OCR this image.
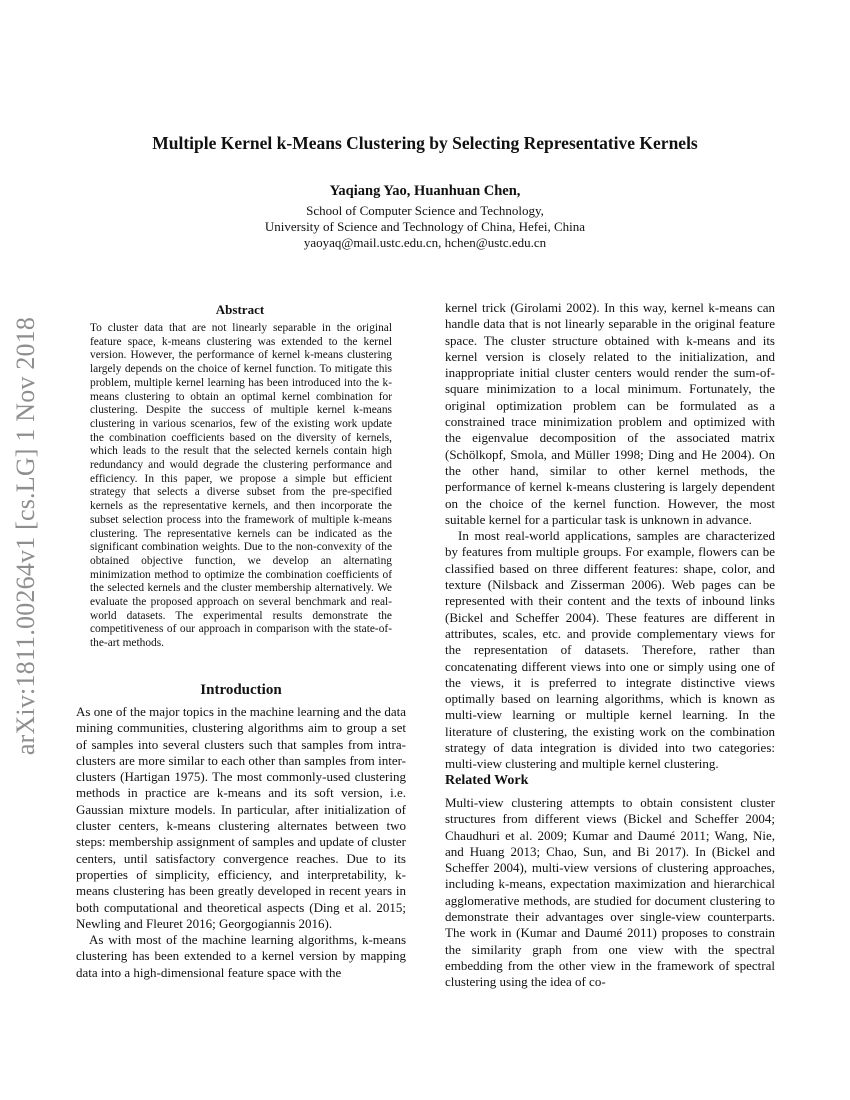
arXiv:1811.00264v1 [cs.LG] 1 Nov 2018
Multiple Kernel k-Means Clustering by Selecting Representative Kernels
Yaqiang Yao, Huanhuan Chen,
School of Computer Science and Technology,
University of Science and Technology of China, Hefei, China
yaoyaq@mail.ustc.edu.cn, hchen@ustc.edu.cn
Abstract

To cluster data that are not linearly separable in the original feature space, k-means clustering was extended to the kernel version. However, the performance of kernel k-means clustering largely depends on the choice of kernel function. To mitigate this problem, multiple kernel learning has been introduced into the k-means clustering to obtain an optimal kernel combination for clustering. Despite the success of multiple kernel k-means clustering in various scenarios, few of the existing work update the combination coefficients based on the diversity of kernels, which leads to the result that the selected kernels contain high redundancy and would degrade the clustering performance and efficiency. In this paper, we propose a simple but efficient strategy that selects a diverse subset from the pre-specified kernels as the representative kernels, and then incorporate the subset selection process into the framework of multiple k-means clustering. The representative kernels can be indicated as the significant combination weights. Due to the non-convexity of the obtained objective function, we develop an alternating minimization method to optimize the combination coefficients of the selected kernels and the cluster membership alternatively. We evaluate the proposed approach on several benchmark and real-world datasets. The experimental results demonstrate the competitiveness of our approach in comparison with the state-of-the-art methods.

Introduction

As one of the major topics in the machine learning and the data mining communities, clustering algorithms aim to group a set of samples into several clusters such that samples from intra-clusters are more similar to each other than samples from inter-clusters (Hartigan 1975). The most commonly-used clustering methods in practice are k-means and its soft version, i.e. Gaussian mixture models. In particular, after initialization of cluster centers, k-means clustering alternates between two steps: membership assignment of samples and update of cluster centers, until satisfactory convergence reaches. Due to its properties of simplicity, efficiency, and interpretability, k-means clustering has been greatly developed in recent years in both computational and theoretical aspects (Ding et al. 2015; Newling and Fleuret 2016; Georgogiannis 2016).

As with most of the machine learning algorithms, k-means clustering has been extended to a kernel version by mapping data into a high-dimensional feature space with the

kernel trick (Girolami 2002). In this way, kernel k-means can handle data that is not linearly separable in the original feature space. The cluster structure obtained with k-means and its kernel version is closely related to the initialization, and inappropriate initial cluster centers would render the sum-of-square minimization to a local minimum. Fortunately, the original optimization problem can be formulated as a constrained trace minimization problem and optimized with the eigenvalue decomposition of the associated matrix (Schölkopf, Smola, and Müller 1998; Ding and He 2004). On the other hand, similar to other kernel methods, the performance of kernel k-means clustering is largely dependent on the choice of the kernel function. However, the most suitable kernel for a particular task is unknown in advance.

In most real-world applications, samples are characterized by features from multiple groups. For example, flowers can be classified based on three different features: shape, color, and texture (Nilsback and Zisserman 2006). Web pages can be represented with their content and the texts of inbound links (Bickel and Scheffer 2004). These features are different in attributes, scales, etc. and provide complementary views for the representation of datasets. Therefore, rather than concatenating different views into one or simply using one of the views, it is preferred to integrate distinctive views optimally based on learning algorithms, which is known as multi-view learning or multiple kernel learning. In the literature of clustering, the existing work on the combination strategy of data integration is divided into two categories: multi-view clustering and multiple kernel clustering.

Related Work

Multi-view clustering attempts to obtain consistent cluster structures from different views (Bickel and Scheffer 2004; Chaudhuri et al. 2009; Kumar and Daumé 2011; Wang, Nie, and Huang 2013; Chao, Sun, and Bi 2017). In (Bickel and Scheffer 2004), multi-view versions of clustering approaches, including k-means, expectation maximization and hierarchical agglomerative methods, are studied for document clustering to demonstrate their advantages over single-view counterparts. The work in (Kumar and Daumé 2011) proposes to constrain the similarity graph from one view with the spectral embedding from the other view in the framework of spectral clustering using the idea of co-
